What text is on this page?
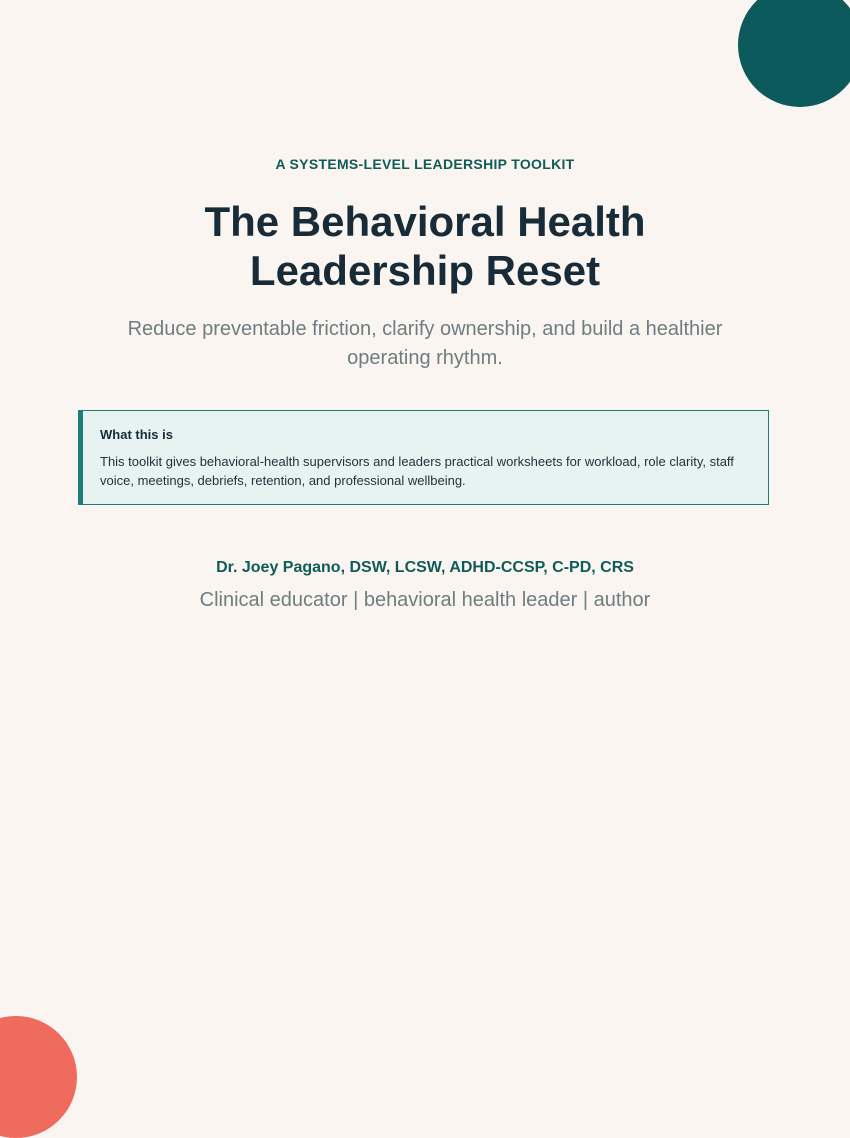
A SYSTEMS-LEVEL LEADERSHIP TOOLKIT
The Behavioral Health Leadership Reset

Reduce preventable friction, clarify ownership, and build a healthier operating rhythm.

What this is

This toolkit gives behavioral-health supervisors and leaders practical worksheets for workload, role clarity, staff voice, meetings, debriefs, retention, and professional wellbeing.

Dr. Joey Pagano, DSW, LCSW, ADHD-CCSP, C-PD, CRS
Clinical educator | behavioral health leader | author
